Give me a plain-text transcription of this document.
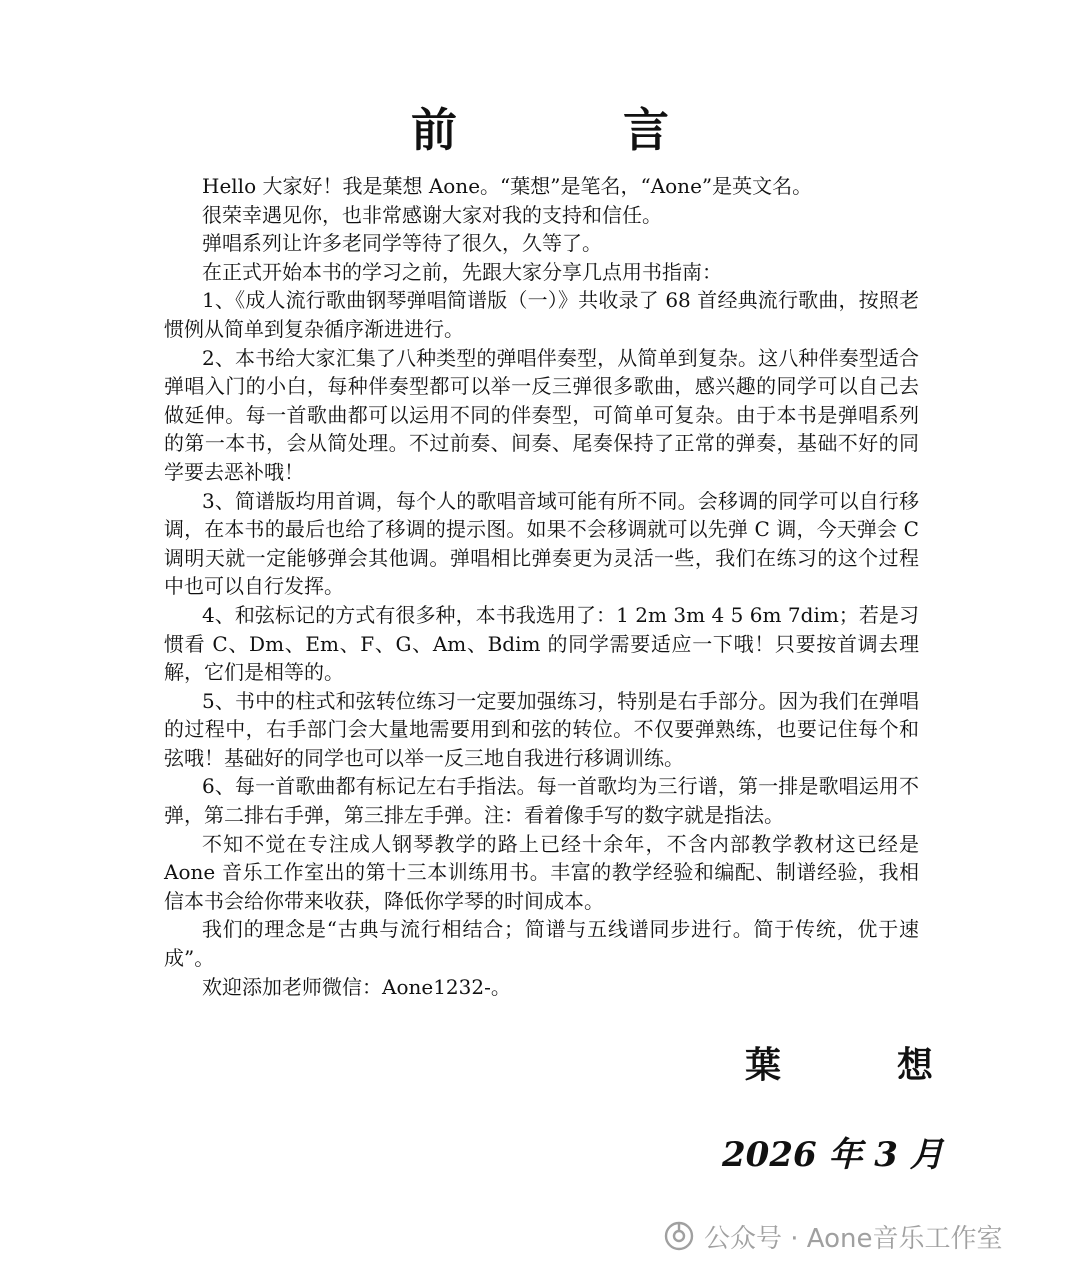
前　言

Hello 大家好！我是葉想 Aone。“葉想”是笔名，“Aone”是英文名。

很荣幸遇见你，也非常感谢大家对我的支持和信任。

弹唱系列让许多老同学等待了很久，久等了。

在正式开始本书的学习之前，先跟大家分享几点用书指南：

1、《成人流行歌曲钢琴弹唱简谱版（一）》共收录了 68 首经典流行歌曲，按照老惯例从简单到复杂循序渐进进行。

2、本书给大家汇集了八种类型的弹唱伴奏型，从简单到复杂。这八种伴奏型适合弹唱入门的小白，每种伴奏型都可以举一反三弹很多歌曲，感兴趣的同学可以自己去做延伸。每一首歌曲都可以运用不同的伴奏型，可简单可复杂。由于本书是弹唱系列的第一本书，会从简处理。不过前奏、间奏、尾奏保持了正常的弹奏，基础不好的同学要去恶补哦！

3、简谱版均用首调，每个人的歌唱音域可能有所不同。会移调的同学可以自行移调，在本书的最后也给了移调的提示图。如果不会移调就可以先弹 C 调，今天弹会 C 调明天就一定能够弹会其他调。弹唱相比弹奏更为灵活一些，我们在练习的这个过程中也可以自行发挥。

4、和弦标记的方式有很多种，本书我选用了：1 2m 3m 4 5 6m 7dim；若是习惯看 C、Dm、Em、F、G、Am、Bdim 的同学需要适应一下哦！只要按首调去理解，它们是相等的。

5、书中的柱式和弦转位练习一定要加强练习，特别是右手部分。因为我们在弹唱的过程中，右手部门会大量地需要用到和弦的转位。不仅要弹熟练，也要记住每个和弦哦！基础好的同学也可以举一反三地自我进行移调训练。

6、每一首歌曲都有标记左右手指法。每一首歌均为三行谱，第一排是歌唱运用不弹，第二排右手弹，第三排左手弹。注：看着像手写的数字就是指法。

不知不觉在专注成人钢琴教学的路上已经十余年，不含内部教学教材这已经是 Aone 音乐工作室出的第十三本训练用书。丰富的教学经验和编配、制谱经验，我相信本书会给你带来收获，降低你学琴的时间成本。

我们的理念是“古典与流行相结合；简谱与五线谱同步进行。简于传统，优于速成”。

欢迎添加老师微信：Aone1232-。

葉　想
2026 年 3 月
公众号 · Aone音乐工作室
